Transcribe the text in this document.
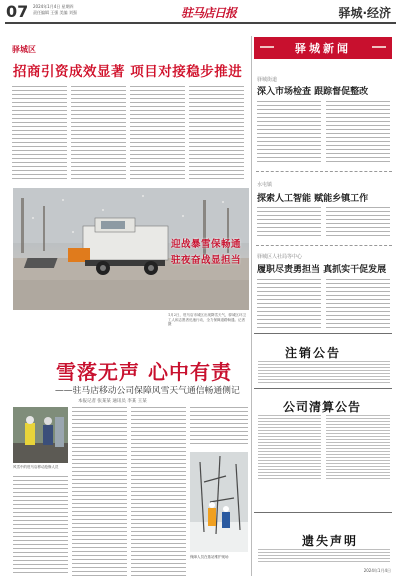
07 2024年1月4日 星期四
责任编辑 王强 美编 刘强	驻马店日报	驿城·经济
驿城区
招商引资成效显著 项目对接稳步推进
驿城新闻
驿城街道
深入市场检查 跟踪督促整改
水屯镇
探索人工智能 赋能乡镇工作
驿城区人社局等中心
履职尽责勇担当 真抓实干促发展
注销公告
公司清算公告
遗失声明
2024年1月4日
迎战暴雪保畅通
驻夜奋战显担当
1月2日，驻马店市城区出现降雪天气，驿城区环卫工人和志愿者迅速行动，全力保障道路畅通。记者 摄
雪落无声 心中有责
——驻马店移动公司保障风雪天气通信畅通侧记
本报记者 张某某 通讯员 李某 王某
风雪中的驻马店移动抢修人员
保障人员在基站维护现场
